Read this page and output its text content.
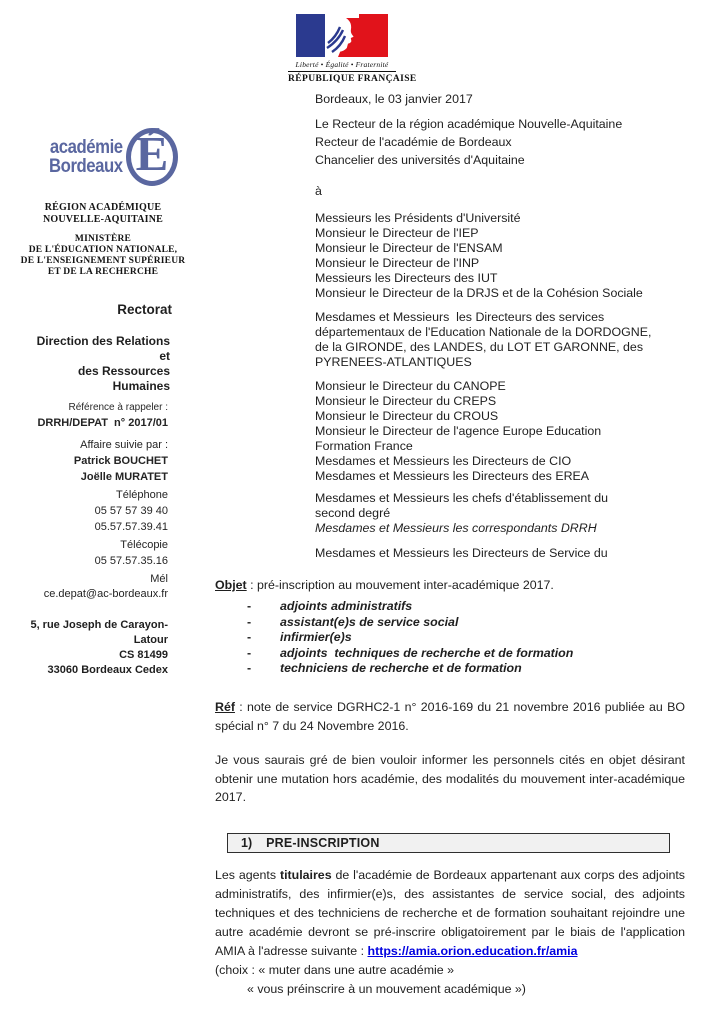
Liberté • Égalité • Fraternité
RÉPUBLIQUE FRANÇAISE
académie
Bordeaux É
RÉGION ACADÉMIQUE
NOUVELLE-AQUITAINE
MINISTÈRE
DE L'ÉDUCATION NATIONALE,
DE L'ENSEIGNEMENT SUPÉRIEUR
ET DE LA RECHERCHE
Rectorat
Direction des Relations et
des Ressources Humaines
Référence à rappeler :
DRRH/DEPAT  n° 2017/01
Affaire suivie par :
Patrick BOUCHET
Joëlle MURATET
Téléphone
05 57 57 39 40
05.57.57.39.41
Télécopie
05 57.57.35.16
Mél
ce.depat@ac-bordeaux.fr
5, rue Joseph de Carayon-
Latour
CS 81499
33060 Bordeaux Cedex
Bordeaux, le 03 janvier 2017
Le Recteur de la région académique Nouvelle-Aquitaine
Recteur de l'académie de Bordeaux
Chancelier des universités d'Aquitaine
à
Messieurs les Présidents d'Université
Monsieur le Directeur de l'IEP
Monsieur le Directeur de l'ENSAM
Monsieur le Directeur de l'INP
Messieurs les Directeurs des IUT
Monsieur le Directeur de la DRJS et de la Cohésion Sociale
Mesdames et Messieurs  les Directeurs des services
départementaux de l'Education Nationale de la DORDOGNE,
de la GIRONDE, des LANDES, du LOT ET GARONNE, des
PYRENEES-ATLANTIQUES
Monsieur le Directeur du CANOPE
Monsieur le Directeur du CREPS
Monsieur le Directeur du CROUS
Monsieur le Directeur de l'agence Europe Education
Formation France
Mesdames et Messieurs les Directeurs de CIO
Mesdames et Messieurs les Directeurs des EREA
Mesdames et Messieurs les chefs d'établissement du
second degré
Mesdames et Messieurs les correspondants DRRH
Mesdames et Messieurs les Directeurs de Service du
Objet : pré-inscription au mouvement inter-académique 2017.
-	adjoints administratifs
-	assistant(e)s de service social
-	infirmier(e)s
-	adjoints  techniques de recherche et de formation
-	techniciens de recherche et de formation
Réf : note de service DGRHC2-1 n° 2016-169 du 21 novembre 2016 publiée au BO spécial n° 7 du 24 Novembre 2016.
Je vous saurais gré de bien vouloir informer les personnels cités en objet désirant obtenir une mutation hors académie, des modalités du mouvement inter-académique 2017.
1)	PRE-INSCRIPTION
Les agents titulaires de l'académie de Bordeaux appartenant aux corps des adjoints administratifs, des infirmier(e)s, des assistantes de service social, des adjoints techniques et des techniciens de recherche et de formation souhaitant rejoindre une autre académie devront se pré-inscrire obligatoirement par le biais de l'application AMIA à l'adresse suivante : https://amia.orion.education.fr/amia
(choix : « muter dans une autre académie »
« vous préinscrire à un mouvement académique »)
